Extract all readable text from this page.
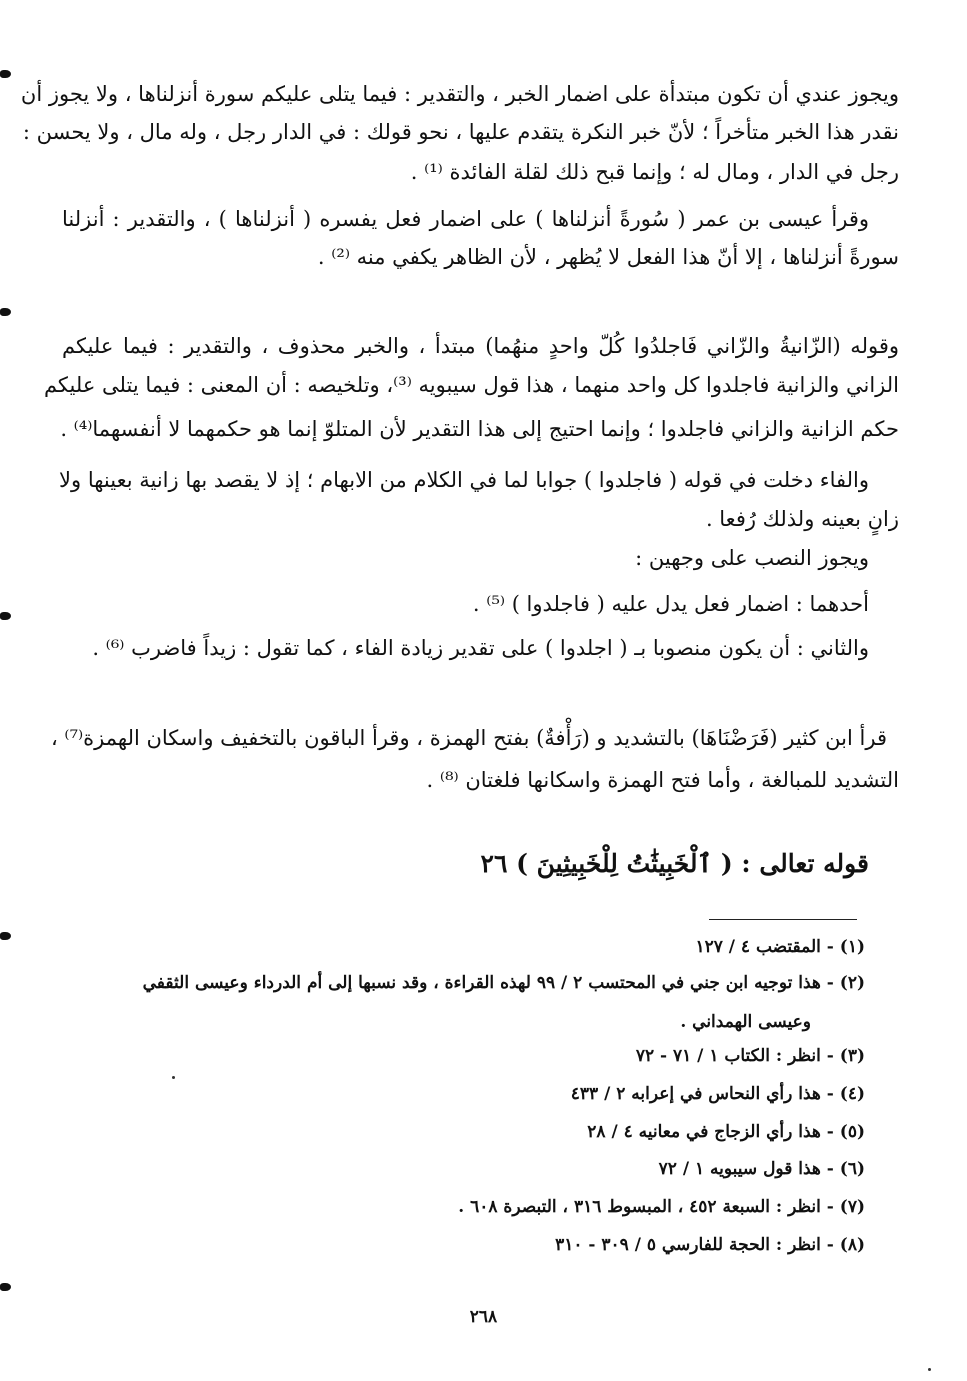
ويجوز عندي أن تكون مبتدأة على اضمار الخبر ، والتقدير : فيما يتلى عليكم سورة أنزلناها ، ولا يجوز أن
نقدر هذا الخبر متأخراً ؛ لأنّ خبر النكرة يتقدم عليها ، نحو قولك : في الدار رجل ، وله مال ، ولا يحسن :
رجل في الدار ، ومال له ؛ وإنما قبح ذلك لقلة الفائدة ⁽¹⁾ .
وقرأ عيسى بن عمر ( سُورةً أنزلناها ) على اضمار فعل يفسره ( أنزلناها ) ، والتقدير : أنزلنا
سورةً أنزلناها ، إلا أنّ هذا الفعل لا يُظهر ، لأن الظاهر يكفي منه ⁽²⁾ .
وقوله (الزّانيةُ والزّاني فَاجلدُوا كُلّ واحدٍ منهُما) مبتدأ ، والخبر محذوف ، والتقدير : فيما عليكم
الزاني والزانية فاجلدوا كل واحد منهما ، هذا قول سيبويه ⁽³⁾، وتلخيصه : أن المعنى : فيما يتلى عليكم
حكم الزانية والزاني فاجلدوا ؛ وإنما احتيج إلى هذا التقدير لأن المتلوّ إنما هو حكمهما لا أنفسهما⁽⁴⁾ .
والفاء دخلت في قوله ( فاجلدوا ) جوابا لما في الكلام من الابهام ؛ إذ لا يقصد بها زانية بعينها ولا
زانٍ بعينه ولذلك رُفعا .
ويجوز النصب على وجهين :
أحدهما : اضمار فعل يدل عليه ( فاجلدوا ) ⁽⁵⁾ .
والثاني : أن يكون منصوبا بـ ( اجلدوا ) على تقدير زيادة الفاء ، كما تقول : زيداً فاضرب ⁽⁶⁾ .
قرأ ابن كثير (فَرَضْنَاهَا) بالتشديد و (رَأْفةٌ) بفتح الهمزة ، وقرأ الباقون بالتخفيف واسكان الهمزة⁽⁷⁾ ،
التشديد للمبالغة ، وأما فتح الهمزة واسكانها فلغتان ⁽⁸⁾ .
قوله تعالى : ( ٱلْخَبِيثَٰتُ لِلْخَبِيثِينَ ) ٢٦
(١) - المقتضب ٤ / ١٢٧
(٢) - هذا توجيه ابن جني في المحتسب ٢ / ٩٩ لهذه القراءة ، وقد نسبها إلى أم الدرداء وعيسى الثقفي
وعيسى الهمداني .
(٣) - انظر : الكتاب ١ / ٧١ - ٧٢
(٤) - هذا رأي النحاس في إعرابه ٢ / ٤٣٣
(٥) - هذا رأي الزجاج في معانيه ٤ / ٢٨
(٦) - هذا قول سيبويه ١ / ٧٢
(٧) - انظر : السبعة ٤٥٢ ، المبسوط ٣١٦ ، التبصرة ٦٠٨ .
(٨) - انظر : الحجة للفارسي ٥ / ٣٠٩ - ٣١٠
٢٦٨
